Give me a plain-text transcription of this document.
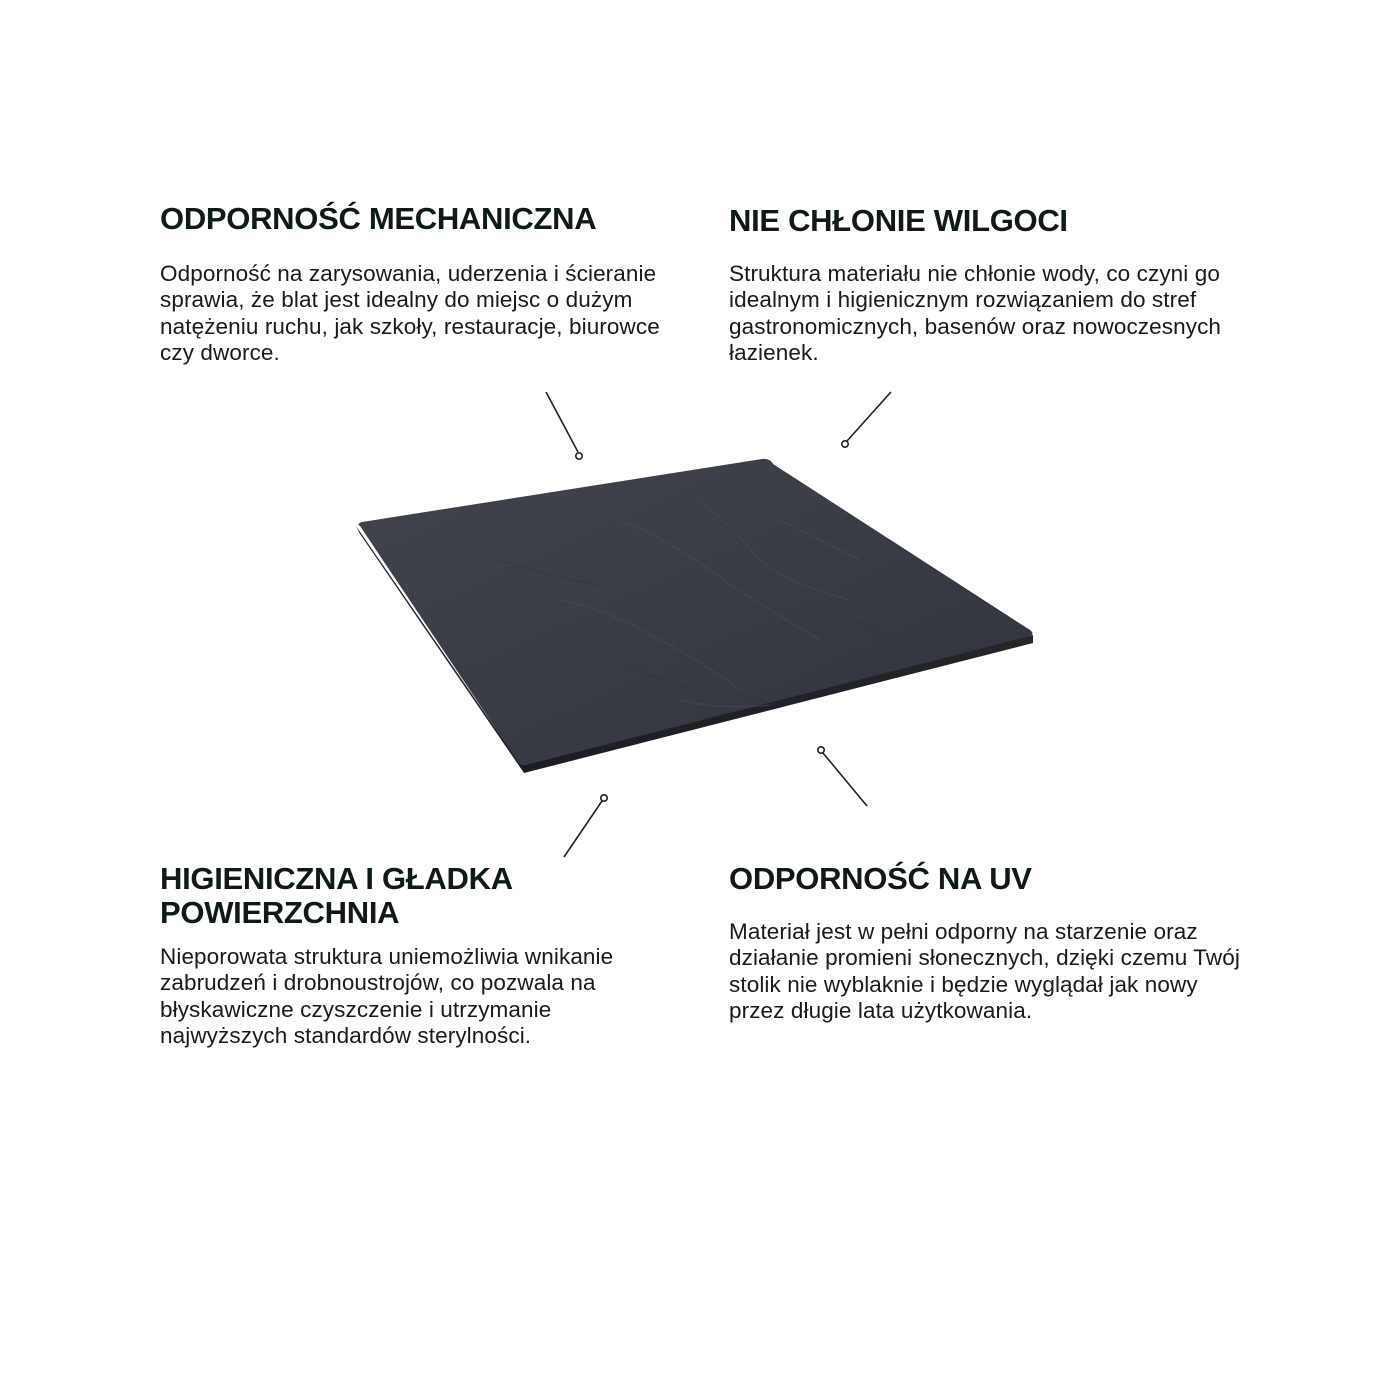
ODPORNOŚĆ MECHANICZNA

Odporność na zarysowania, uderzenia i ścieranie sprawia, że blat jest idealny do miejsc o dużym natężeniu ruchu, jak szkoły, restauracje, biurowce czy dworce.

NIE CHŁONIE WILGOCI

Struktura materiału nie chłonie wody, co czyni go idealnym i higienicznym rozwiązaniem do stref gastronomicznych, basenów oraz nowoczesnych łazienek.

HIGIENICZNA I GŁADKA POWIERZCHNIA

Nieporowata struktura uniemożliwia wnikanie zabrudzeń i drobnoustrojów, co pozwala na błyskawiczne czyszczenie i utrzymanie najwyższych standardów sterylności.

ODPORNOŚĆ NA UV

Materiał jest w pełni odporny na starzenie oraz działanie promieni słonecznych, dzięki czemu Twój stolik nie wyblaknie i będzie wyglądał jak nowy przez długie lata użytkowania.
